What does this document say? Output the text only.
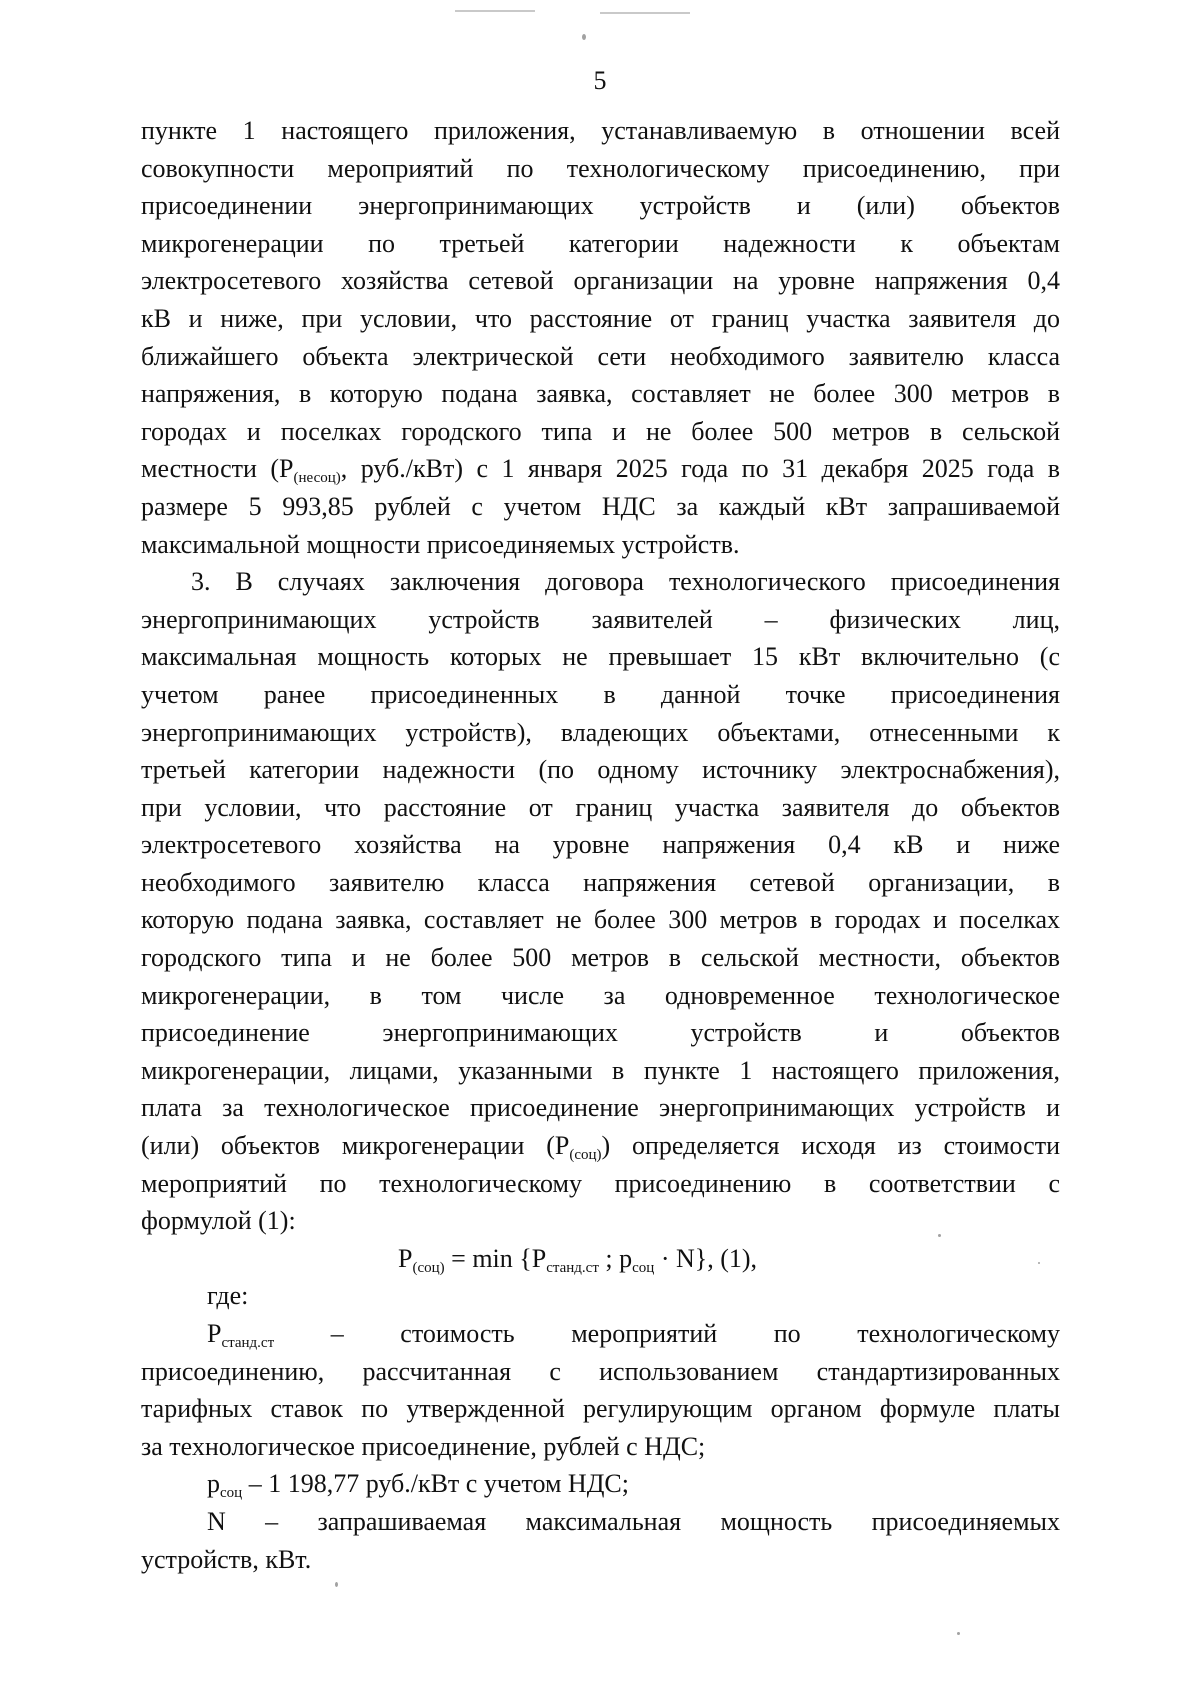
5
пункте 1 настоящего приложения, устанавливаемую в отношении всей
совокупности мероприятий по технологическому присоединению, при
присоединении энергопринимающих устройств и (или) объектов
микрогенерации по третьей категории надежности к объектам
электросетевого хозяйства сетевой организации на уровне напряжения 0,4
кВ и ниже, при условии, что расстояние от границ участка заявителя до
ближайшего объекта электрической сети необходимого заявителю класса
напряжения, в которую подана заявка, составляет не более 300 метров в
городах и поселках городского типа и не более 500 метров в сельской
местности ($P_{(несоц)}$, руб./кВт) с 1 января 2025 года по 31 декабря 2025 года в
размере 5 993,85 рублей с учетом НДС за каждый кВт запрашиваемой
максимальной мощности присоединяемых устройств.
3. В случаях заключения договора технологического присоединения
энергопринимающих устройств заявителей – физических лиц,
максимальная мощность которых не превышает 15 кВт включительно (с
учетом ранее присоединенных в данной точке присоединения
энергопринимающих устройств), владеющих объектами, отнесенными к
третьей категории надежности (по одному источнику электроснабжения),
при условии, что расстояние от границ участка заявителя до объектов
электросетевого хозяйства на уровне напряжения 0,4 кВ и ниже
необходимого заявителю класса напряжения сетевой организации, в
которую подана заявка, составляет не более 300 метров в городах и поселках
городского типа и не более 500 метров в сельской местности, объектов
микрогенерации, в том числе за одновременное технологическое
присоединение энергопринимающих устройств и объектов
микрогенерации, лицами, указанными в пункте 1 настоящего приложения,
плата за технологическое присоединение энергопринимающих устройств и
(или) объектов микрогенерации $(P_{(соц)})$ определяется исходя из стоимости
мероприятий по технологическому присоединению в соответствии с
формулой (1):
$P_{(соц)} = \min \{P_{станд.ст}$ ; $p_{соц} \cdot N$}, (1),
где:
$P_{станд.ст}$ – стоимость мероприятий по технологическому
присоединению, рассчитанная с использованием стандартизированных
тарифных ставок по утвержденной регулирующим органом формуле платы
за технологическое присоединение, рублей с НДС;
$p_{соц} - 1$ 198,77 руб./кВт с учетом НДС;
N – запрашиваемая максимальная мощность присоединяемых
устройств, кВт.
